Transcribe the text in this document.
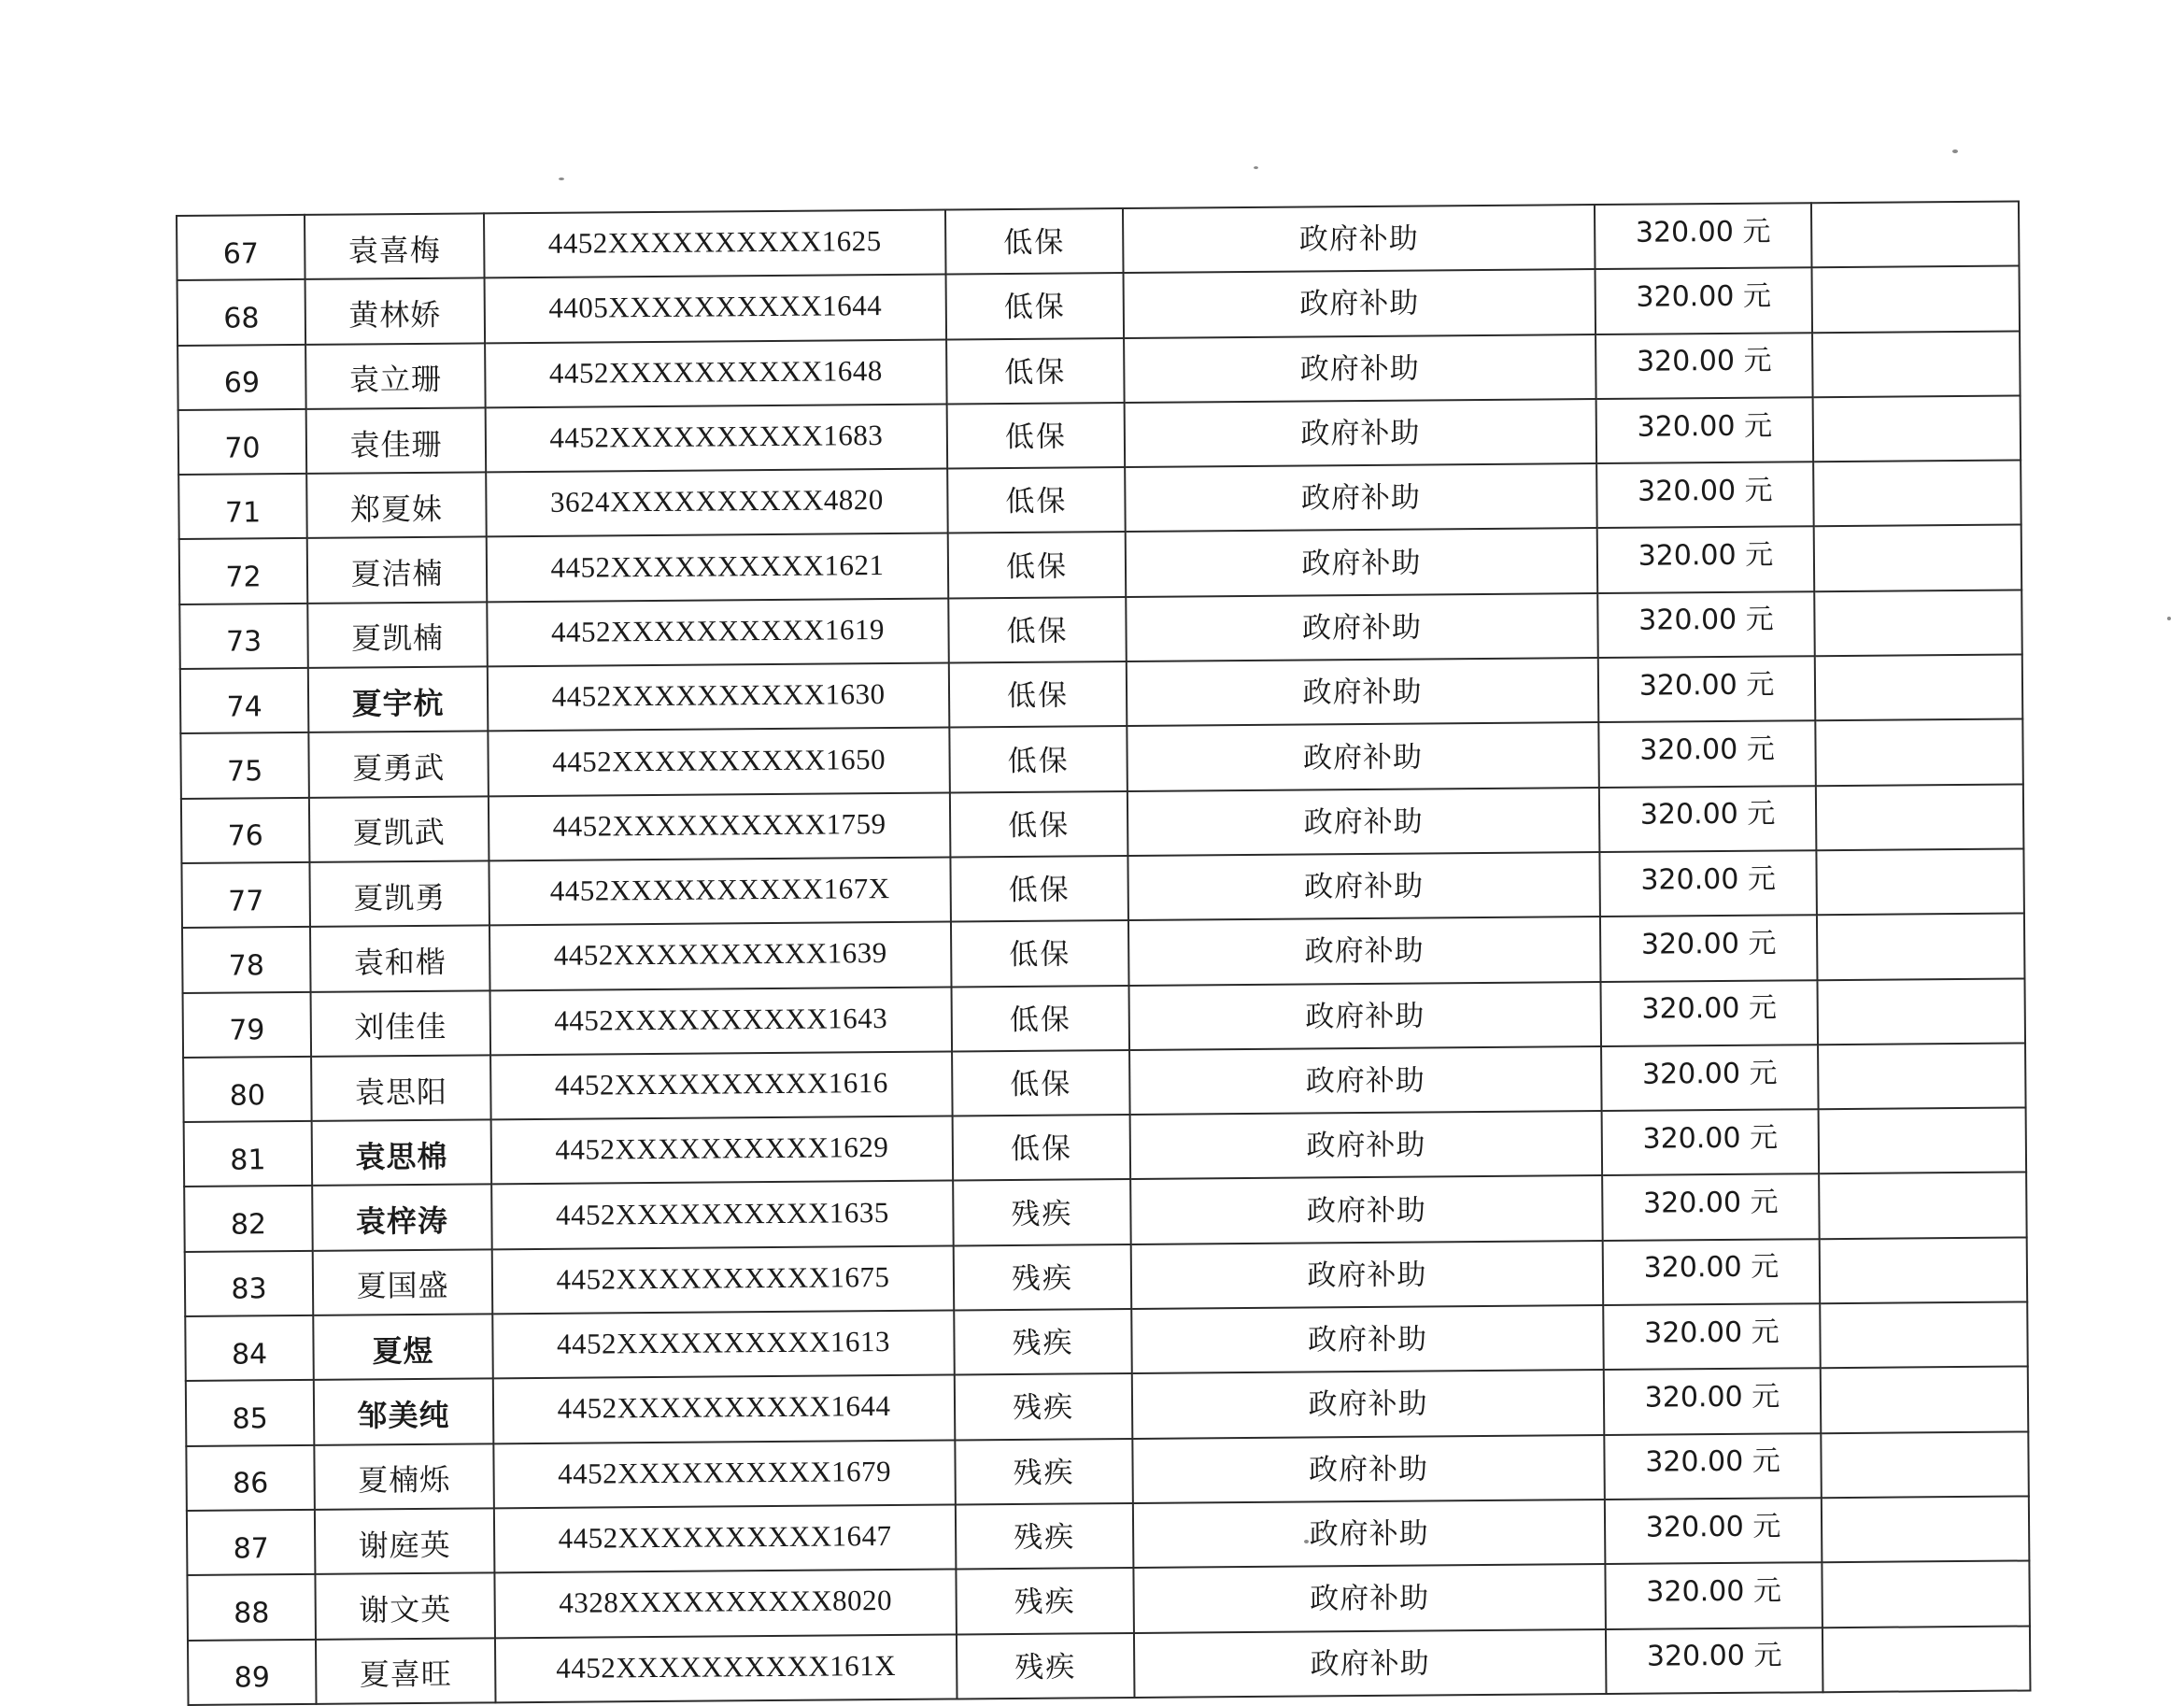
67	袁喜梅	4452XXXXXXXXXX1625	低保	政府补助	320.00 元	
68	黄林娇	4405XXXXXXXXXX1644	低保	政府补助	320.00 元	
69	袁立珊	4452XXXXXXXXXX1648	低保	政府补助	320.00 元	
70	袁佳珊	4452XXXXXXXXXX1683	低保	政府补助	320.00 元	
71	郑夏妹	3624XXXXXXXXXX4820	低保	政府补助	320.00 元	
72	夏洁楠	4452XXXXXXXXXX1621	低保	政府补助	320.00 元	
73	夏凯楠	4452XXXXXXXXXX1619	低保	政府补助	320.00 元	
74	夏宇杭	4452XXXXXXXXXX1630	低保	政府补助	320.00 元	
75	夏勇武	4452XXXXXXXXXX1650	低保	政府补助	320.00 元	
76	夏凯武	4452XXXXXXXXXX1759	低保	政府补助	320.00 元	
77	夏凯勇	4452XXXXXXXXXX167X	低保	政府补助	320.00 元	
78	袁和楷	4452XXXXXXXXXX1639	低保	政府补助	320.00 元	
79	刘佳佳	4452XXXXXXXXXX1643	低保	政府补助	320.00 元	
80	袁思阳	4452XXXXXXXXXX1616	低保	政府补助	320.00 元	
81	袁思棉	4452XXXXXXXXXX1629	低保	政府补助	320.00 元	
82	袁梓涛	4452XXXXXXXXXX1635	残疾	政府补助	320.00 元	
83	夏国盛	4452XXXXXXXXXX1675	残疾	政府补助	320.00 元	
84	夏煜	4452XXXXXXXXXX1613	残疾	政府补助	320.00 元	
85	邹美纯	4452XXXXXXXXXX1644	残疾	政府补助	320.00 元	
86	夏楠烁	4452XXXXXXXXXX1679	残疾	政府补助	320.00 元	
87	谢庭英	4452XXXXXXXXXX1647	残疾	政府补助	320.00 元	
88	谢文英	4328XXXXXXXXXX8020	残疾	政府补助	320.00 元	
89	夏喜旺	4452XXXXXXXXXX161X	残疾	政府补助	320.00 元	
